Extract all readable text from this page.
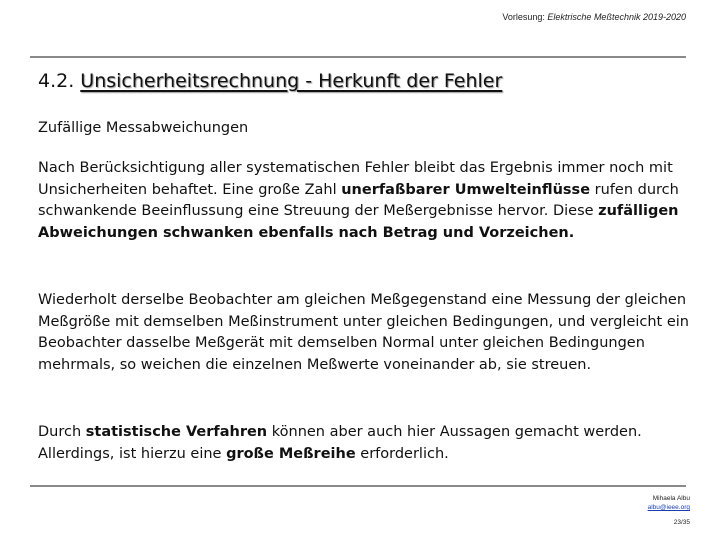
Vorlesung: Elektrische Meßtechnik 2019-2020
4.2. Unsicherheitsrechnung - Herkunft der Fehler
Zufällige Messabweichungen
Nach Berücksichtigung aller systematischen Fehler bleibt das Ergebnis immer noch mit Unsicherheiten behaftet. Eine große Zahl unerfaßbarer Umwelteinflüsse rufen durch schwankende Beeinflussung eine Streuung der Meßergebnisse hervor. Diese zufälligen Abweichungen schwanken ebenfalls nach Betrag und Vorzeichen.
Wiederholt derselbe Beobachter am gleichen Meßgegenstand eine Messung der gleichen Meßgröße mit demselben Meßinstrument unter gleichen Bedingungen, und vergleicht ein Beobachter dasselbe Meßgerät mit demselben Normal unter gleichen Bedingungen mehrmals, so weichen die einzelnen Meßwerte voneinander ab, sie streuen.
Durch statistische Verfahren können aber auch hier Aussagen gemacht werden. Allerdings, ist hierzu eine große Meßreihe erforderlich.
Mihaela Albu
albu@ieee.org
23/35
